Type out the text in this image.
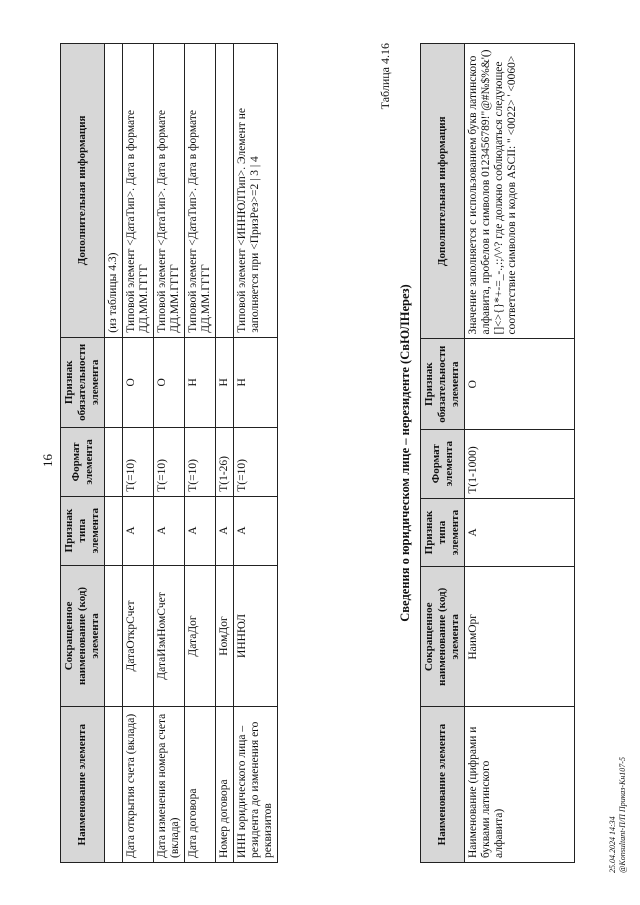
16
Наименование элемента	Сокращенное наименование (код) элемента	Признак типа элемента	Формат элемента	Признак обязательности элемента	Дополнительная информация
					(из таблицы 4.3)
Дата открытия счета (вклада)	ДатаОткрСчет	А	T(=10)	О	Типовой элемент <ДатаТип>. Дата в формате ДД.ММ.ГГГГ
Дата изменения номера счета (вклада)	ДатаИзмНомСчет	А	T(=10)	О	Типовой элемент <ДатаТип>. Дата в формате ДД.ММ.ГГГГ
Дата договора	ДатаДог	А	T(=10)	Н	Типовой элемент <ДатаТип>. Дата в формате ДД.ММ.ГГГГ
Номер договора	НомДог	А	T(1-26)	Н	
ИНН юридического лица – резидента до изменения его реквизитов	ИННЮЛ	А	T(=10)	Н	Типовой элемент <ИННЮЛТип>. Элемент не заполняется при <ПризРез>=2 | 3 | 4
Таблица 4.16
Сведения о юридическом лице – нерезиденте (СвЮЛНерез)
Наименование элемента	Сокращенное наименование (код) элемента	Признак типа элемента	Формат элемента	Признак обязательности элемента	Дополнительная информация
Наименование (цифрами и буквами латинского алфавита)	НаимОрг	А	T(1-1000)	О	Значение заполняется с использованием букв латинского алфавита, пробелов и символов 0123456789!"@#№$%&'()[]<>{}*+-=_-.,:;/\^? где должно соблюдаться следующее соответствие символов и кодов ASCII: " <0022> ' <0060>
25.04.2024 14:34 @Konsultant-П/П Приказ-Кн107-5
